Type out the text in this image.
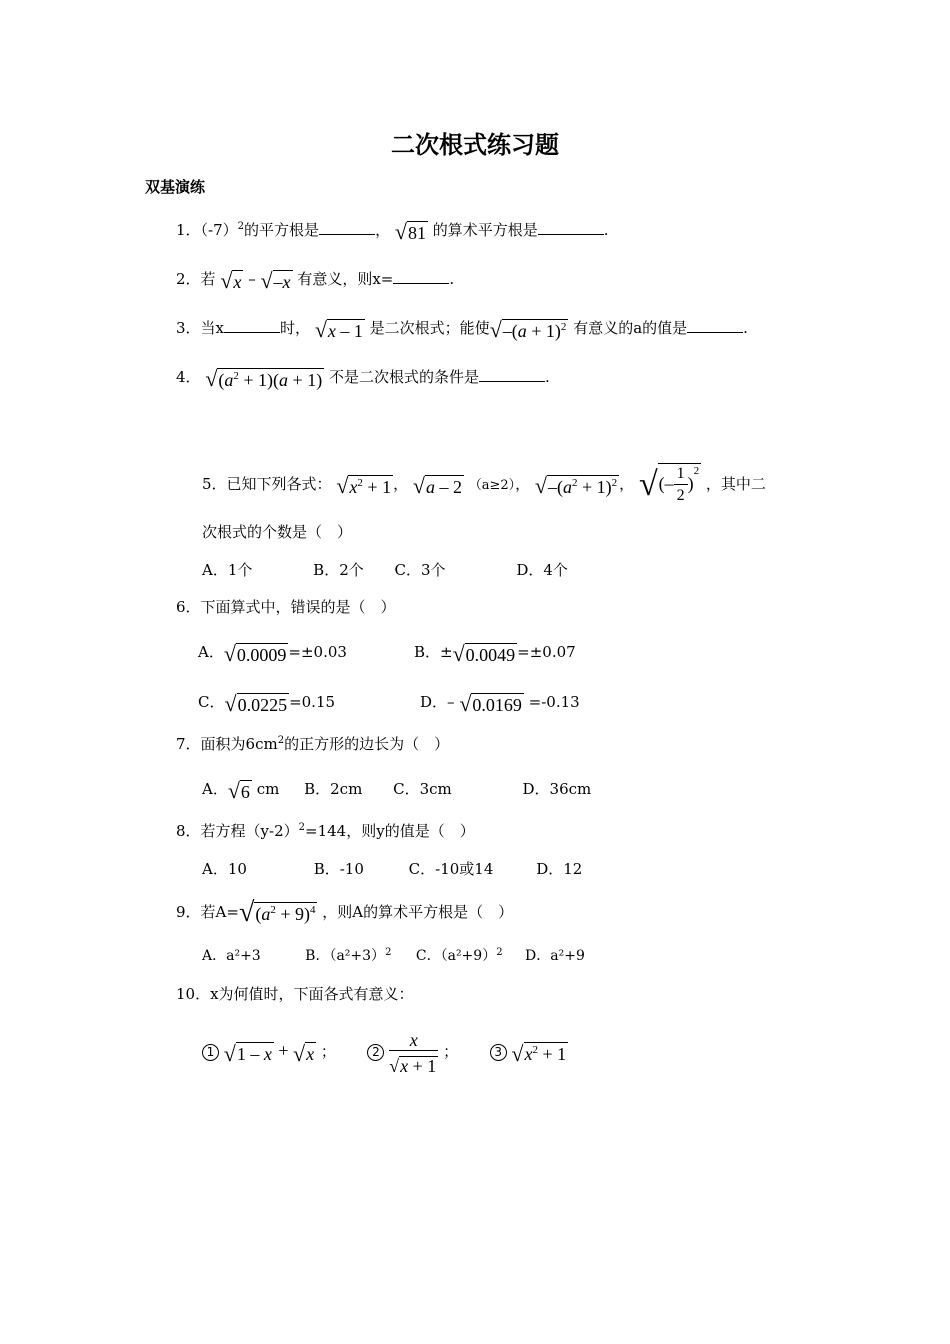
二次根式练习题
双基演练
1．$(-7)^2$的平方根是	， √81 的算术平方根是	.
2．若 √x – √–x 有意义，则x=	.
3．当x	时， √x – 1 是二次根式；能使$√-(a + 1)^2$ 有意义的a的值是	.
4． $√(a^2 + 1)(a + 1)$ 不是二次根式的条件是	.
5．已知下列各式： $√x^2 + 1$ ， √a – 2 （a≥2）， $√-(a^2 + 1)^2$ ， √(– $\frac{1}{2} )^2$ ，其中二
次根式的个数是（　）
A．1个	B．2个 C．3个	D．4个
6．下面算式中，错误的是（　）
A．√0.0009 =±0.03	B．±√0.0049 =±0.07
C．√0.0225 =0.15	D．– √0.0169 =-0.13
7．面积为$6cm^2$的正方形的边长为（　）
A．√6 cm B．2cm C．3cm	D．36cm
8．若方程$(y-2)^2=144$，则y的值是（　）
A．10	B．-10	C．-10或14	D．12
9．若$A=√(a^2 + 9)^4$ ，则A的算术平方根是（　）
A．a²+3	B．$(a^2+3)^2$ C．$(a^2+9)^2$ D．a²+9
10．x为何值时，下面各式有意义：
1 √1 – x + √x ；	$2 \frac{x}{√x + 1}$ ；	3 $√x^2 + 1$
